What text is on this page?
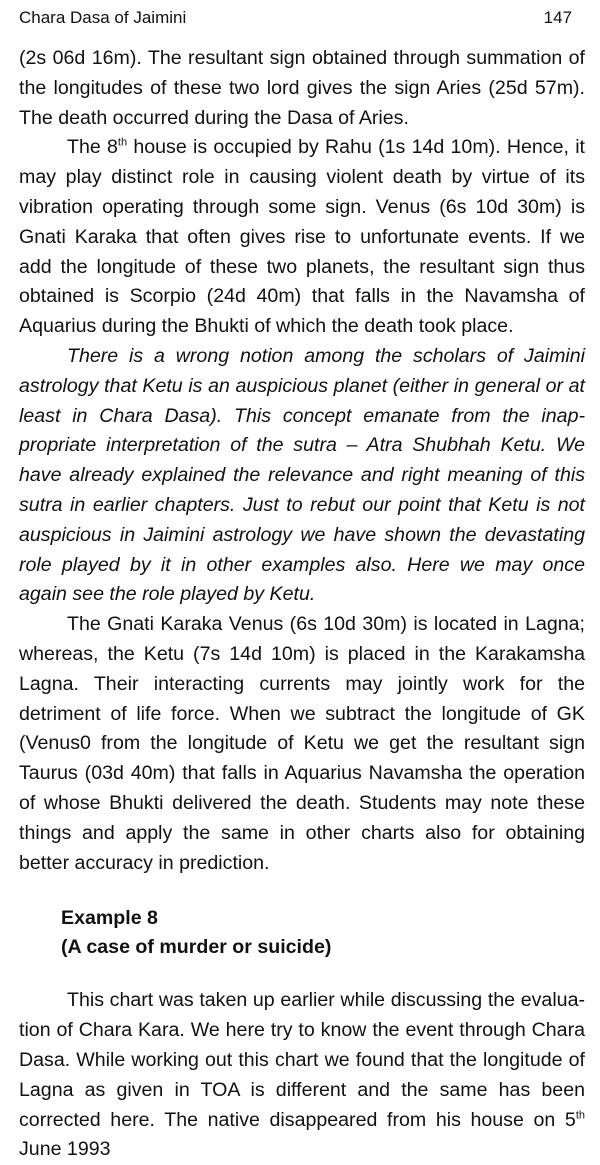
Chara Dasa of Jaimini	147

(2s 06d 16m). The resultant sign obtained through summation of the longitudes of these two lord gives the sign Aries (25d 57m). The death occurred during the Dasa of Aries.

The 8th house is occupied by Rahu (1s 14d 10m). Hence, it may play distinct role in causing violent death by virtue of its vibration operating through some sign. Venus (6s 10d 30m) is Gnati Karaka that often gives rise to unfortunate events. If we add the longitude of these two planets, the resultant sign thus obtained is Scorpio (24d 40m) that falls in the Navamsha of Aquarius during the Bhukti of which the death took place.

There is a wrong notion among the scholars of Jaimini astrology that Ketu is an auspicious planet (either in general or at least in Chara Dasa). This concept emanate from the inappropriate interpretation of the sutra – Atra Shubhah Ketu. We have already explained the relevance and right meaning of this sutra in earlier chapters. Just to rebut our point that Ketu is not auspicious in Jaimini astrology we have shown the devastating role played by it in other examples also. Here we may once again see the role played by Ketu.

The Gnati Karaka Venus (6s 10d 30m) is located in Lagna; whereas, the Ketu (7s 14d 10m) is placed in the Karakamsha Lagna. Their interacting currents may jointly work for the detriment of life force. When we subtract the longitude of GK (Venus0 from the longitude of Ketu we get the resultant sign Taurus (03d 40m) that falls in Aquarius Navamsha the operation of whose Bhukti delivered the death. Students may note these things and apply the same in other charts also for obtaining better accuracy in prediction.

Example 8
(A case of murder or suicide)

This chart was taken up earlier while discussing the evaluation of Chara Kara. We here try to know the event through Chara Dasa. While working out this chart we found that the longitude of Lagna as given in TOA is different and the same has been corrected here. The native disappeared from his house on 5th June 1993
